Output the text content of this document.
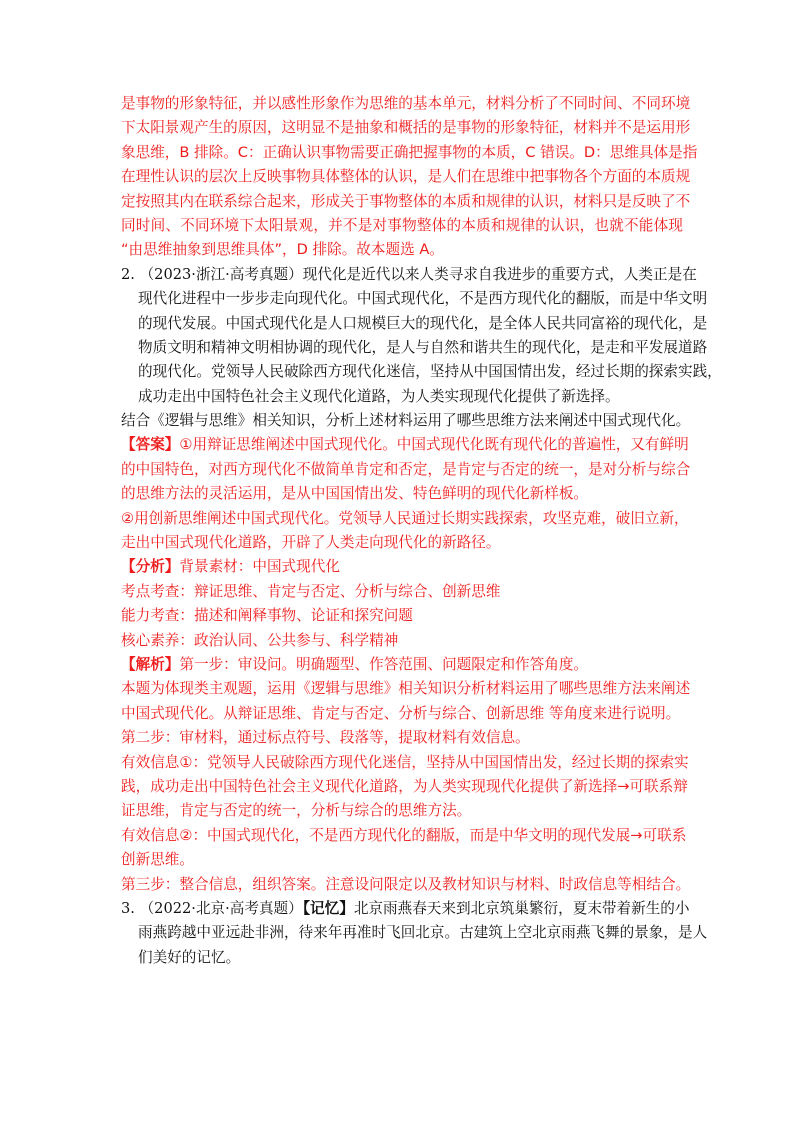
是事物的形象特征，并以感性形象作为思维的基本单元，材料分析了不同时间、不同环境
下太阳景观产生的原因，这明显不是抽象和概括的是事物的形象特征，材料并不是运用形
象思维，B 排除。C：正确认识事物需要正确把握事物的本质，C 错误。D：思维具体是指
在理性认识的层次上反映事物具体整体的认识，是人们在思维中把事物各个方面的本质规
定按照其内在联系综合起来，形成关于事物整体的本质和规律的认识，材料只是反映了不
同时间、不同环境下太阳景观，并不是对事物整体的本质和规律的认识，也就不能体现
“由思维抽象到思维具体”，D 排除。故本题选 A。
2. （2023·浙江·高考真题）现代化是近代以来人类寻求自我进步的重要方式，人类正是在
现代化进程中一步步走向现代化。中国式现代化，不是西方现代化的翻版，而是中华文明
的现代发展。中国式现代化是人口规模巨大的现代化，是全体人民共同富裕的现代化，是
物质文明和精神文明相协调的现代化，是人与自然和谐共生的现代化，是走和平发展道路
的现代化。党领导人民破除西方现代化迷信，坚持从中国国情出发，经过长期的探索实践，
成功走出中国特色社会主义现代化道路，为人类实现现代化提供了新选择。
结合《逻辑与思维》相关知识，分析上述材料运用了哪些思维方法来阐述中国式现代化。
【答案】①用辩证思维阐述中国式现代化。中国式现代化既有现代化的普遍性，又有鲜明
的中国特色，对西方现代化不做简单肯定和否定，是肯定与否定的统一，是对分析与综合
的思维方法的灵活运用，是从中国国情出发、特色鲜明的现代化新样板。
②用创新思维阐述中国式现代化。党领导人民通过长期实践探索，攻坚克难，破旧立新，
走出中国式现代化道路，开辟了人类走向现代化的新路径。
【分析】背景素材：中国式现代化
考点考查：辩证思维、肯定与否定、分析与综合、创新思维
能力考查：描述和阐释事物、论证和探究问题
核心素养：政治认同、公共参与、科学精神
【解析】第一步：审设问。明确题型、作答范围、问题限定和作答角度。
本题为体现类主观题，运用《逻辑与思维》相关知识分析材料运用了哪些思维方法来阐述
中国式现代化。从辩证思维、肯定与否定、分析与综合、创新思维 等角度来进行说明。
第二步：审材料，通过标点符号、段落等，提取材料有效信息。
有效信息①：党领导人民破除西方现代化迷信，坚持从中国国情出发，经过长期的探索实
践，成功走出中国特色社会主义现代化道路，为人类实现现代化提供了新选择→可联系辩
证思维，肯定与否定的统一，分析与综合的思维方法。
有效信息②：中国式现代化，不是西方现代化的翻版，而是中华文明的现代发展→可联系
创新思维。
第三步：整合信息，组织答案。注意设问限定以及教材知识与材料、时政信息等相结合。
3. （2022·北京·高考真题）【记忆】北京雨燕春天来到北京筑巢繁衍，夏末带着新生的小
雨燕跨越中亚远赴非洲，待来年再准时飞回北京。古建筑上空北京雨燕飞舞的景象，是人
们美好的记忆。
